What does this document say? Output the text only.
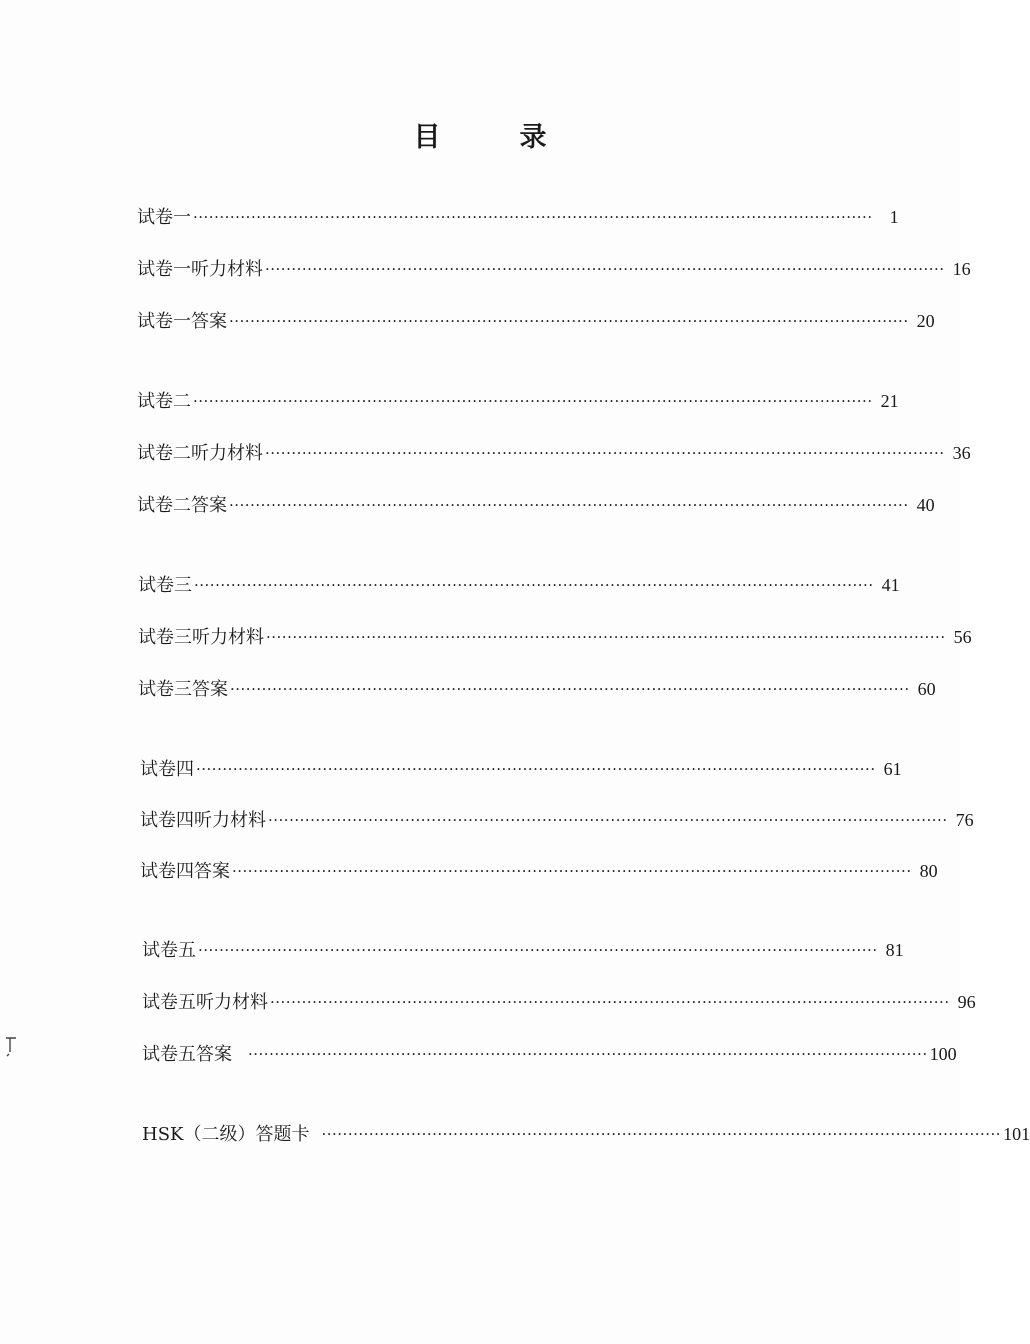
目　录
试卷一 ································································································································· 1
试卷一听力材料 ································································································································· 16
试卷一答案 ································································································································· 20
试卷二 ································································································································· 21
试卷二听力材料 ································································································································· 36
试卷二答案 ································································································································· 40
试卷三 ································································································································· 41
试卷三听力材料 ································································································································· 56
试卷三答案 ································································································································· 60
试卷四 ································································································································· 61
试卷四听力材料 ································································································································· 76
试卷四答案 ································································································································· 80
试卷五 ································································································································· 81
试卷五听力材料 ································································································································· 96
试卷五答案 ································································································································· 100
HSK（二级）答题卡 ································································································································· 101
